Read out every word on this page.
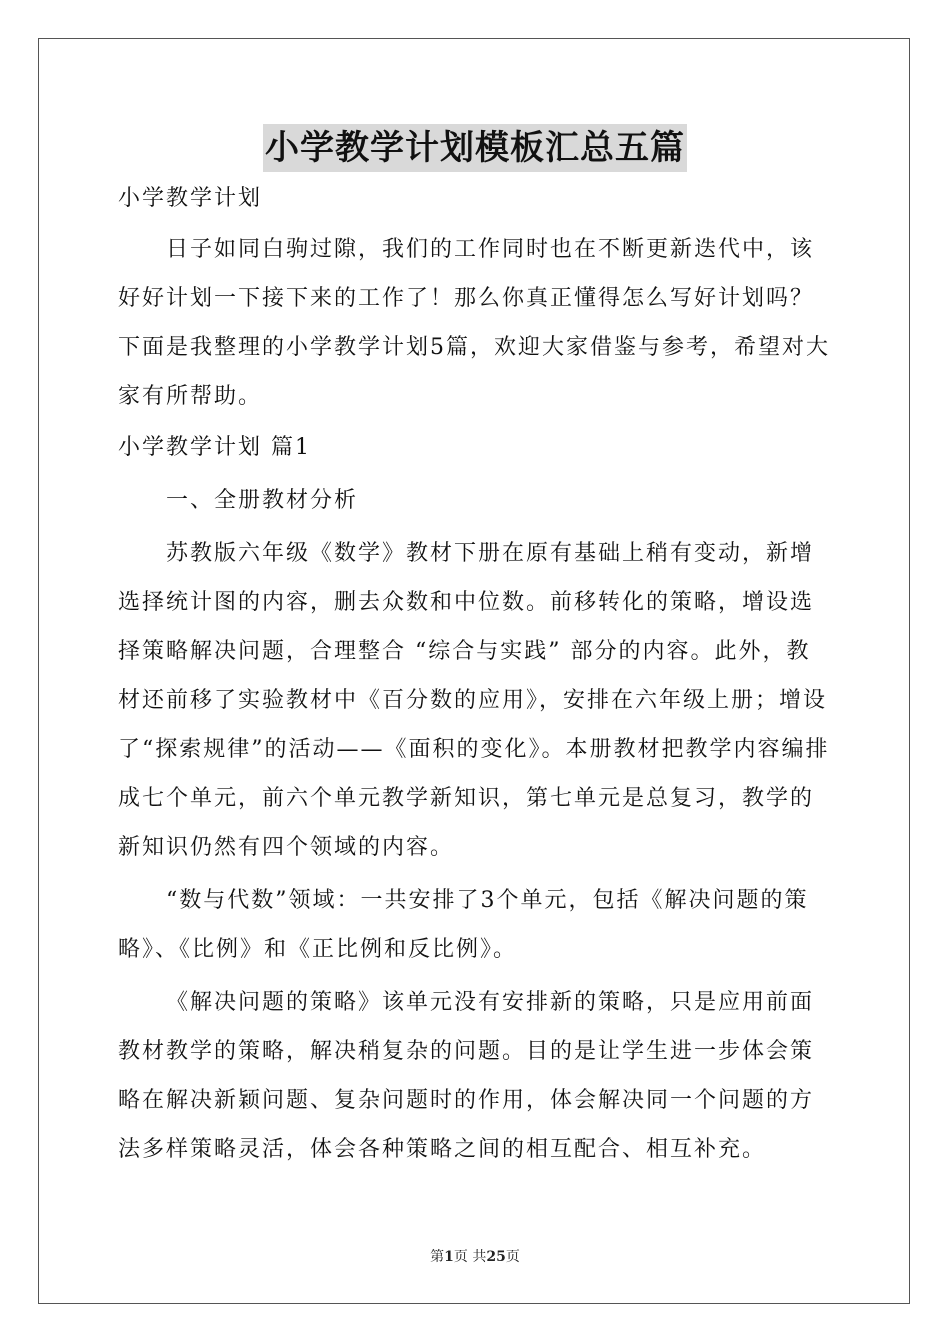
小学教学计划模板汇总五篇
小学教学计划

日子如同白驹过隙，我们的工作同时也在不断更新迭代中，该好好计划一下接下来的工作了！那么你真正懂得怎么写好计划吗？下面是我整理的小学教学计划5篇，欢迎大家借鉴与参考，希望对大家有所帮助。

小学教学计划 篇1
一、全册教材分析

苏教版六年级《数学》教材下册在原有基础上稍有变动，新增选择统计图的内容，删去众数和中位数。前移转化的策略，增设选择策略解决问题，合理整合 “综合与实践” 部分的内容。此外，教材还前移了实验教材中《百分数的应用》，安排在六年级上册；增设了“探索规律”的活动——《面积的变化》。本册教材把教学内容编排成七个单元，前六个单元教学新知识，第七单元是总复习，教学的新知识仍然有四个领域的内容。

“数与代数”领域：一共安排了3个单元，包括《解决问题的策略》、《比例》和《正比例和反比例》。

《解决问题的策略》该单元没有安排新的策略，只是应用前面教材教学的策略，解决稍复杂的问题。目的是让学生进一步体会策略在解决新颖问题、复杂问题时的作用，体会解决同一个问题的方法多样策略灵活，体会各种策略之间的相互配合、相互补充。

第1页 共25页
